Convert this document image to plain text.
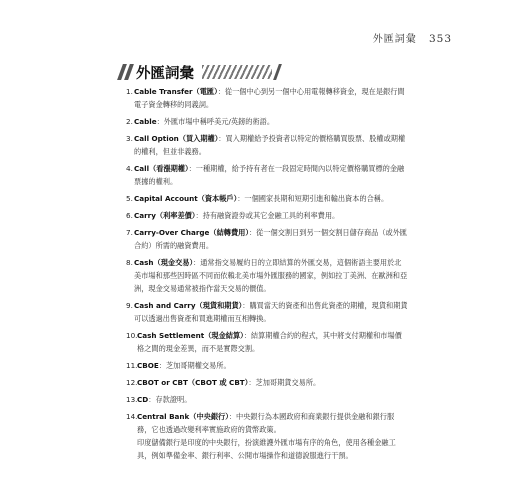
外匯詞彙 353
外匯詞彙
1. Cable Transfer（電匯）：從一個中心到另一個中心用電報轉移資金，現在是銀行間電子資金轉移的同義詞。
2. Cable：外匯市場中稱呼美元/英鎊的術語。
3. Call Option（買入期權）：買入期權給予投資者以特定的價格購買股票、股權或期權的權利，但並非義務。
4. Call（看漲期權）：一種期權，給予持有者在一段固定時間內以特定價格購買標的金融票據的權利。
5. Capital Account（資本帳戶）：一個國家長期和短期引進和輸出資本的合稱。
6. Carry（利率差價）：持有融資證券或其它金融工具的利率費用。
7. Carry-Over Charge（結轉費用）：從一個交割日到另一個交割日儲存商品（或外匯合約）所需的融資費用。
8. Cash（現金交易）：通常指交易履約日的立即結算的外匯交易，這個術語主要用於北美市場和那些因時區不同而依賴北美市場外匯服務的國家，例如拉丁美洲、在歐洲和亞洲，現金交易通常被指作當天交易的價值。
9. Cash and Carry（現貨和期貨）：購買當天的資產和出售此資產的期權，現貨和期貨可以透過出售資產和買進期權而互相轉換。
10. Cash Settlement（現金結算）：結算期權合約的程式，其中將支付期權和市場價格之間的現金差異，而不是實際交割。
11. CBOE：芝加哥期權交易所。
12. CBOT or CBT（CBOT 或 CBT）：芝加哥期貨交易所。
13. CD：存款證明。
14. Central Bank（中央銀行）：中央銀行為本國政府和商業銀行提供金融和銀行服務，它也透過改變利率實施政府的貨幣政策。
印度儲備銀行是印度的中央銀行，扮演維護外匯市場有序的角色，使用各種金融工具，例如準備金率、銀行利率、公開市場操作和道德說服進行干預。
